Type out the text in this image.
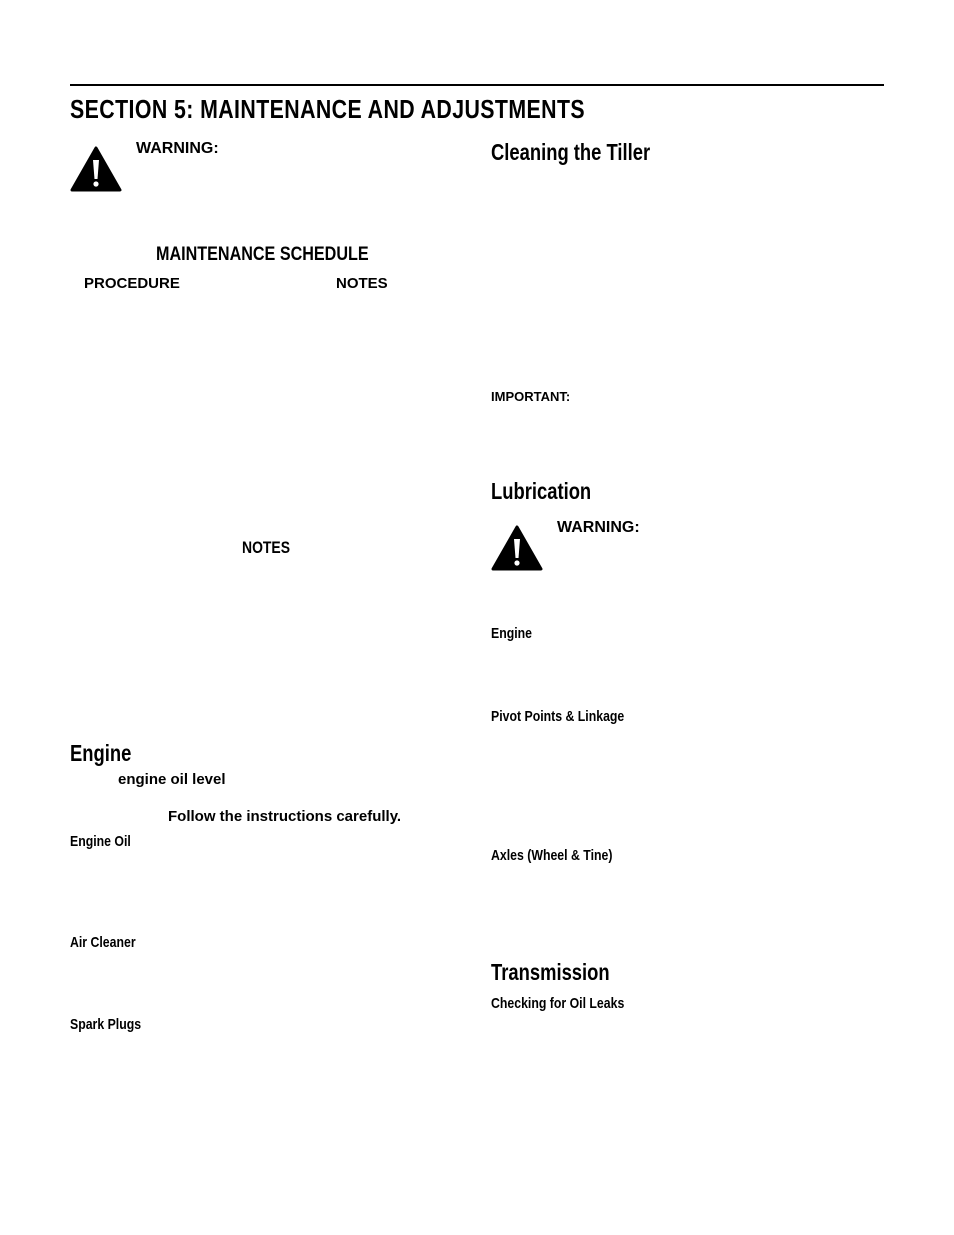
SECTION 5: MAINTENANCE AND ADJUSTMENTS
WARNING:
MAINTENANCE SCHEDULE
PROCEDURE	NOTES
NOTES
Engine
engine oil level
Follow the instructions carefully.
Engine Oil
Air Cleaner
Spark Plugs
Cleaning the Tiller
IMPORTANT:
Lubrication
WARNING:
Engine
Pivot Points & Linkage
Axles (Wheel & Tine)
Transmission
Checking for Oil Leaks
